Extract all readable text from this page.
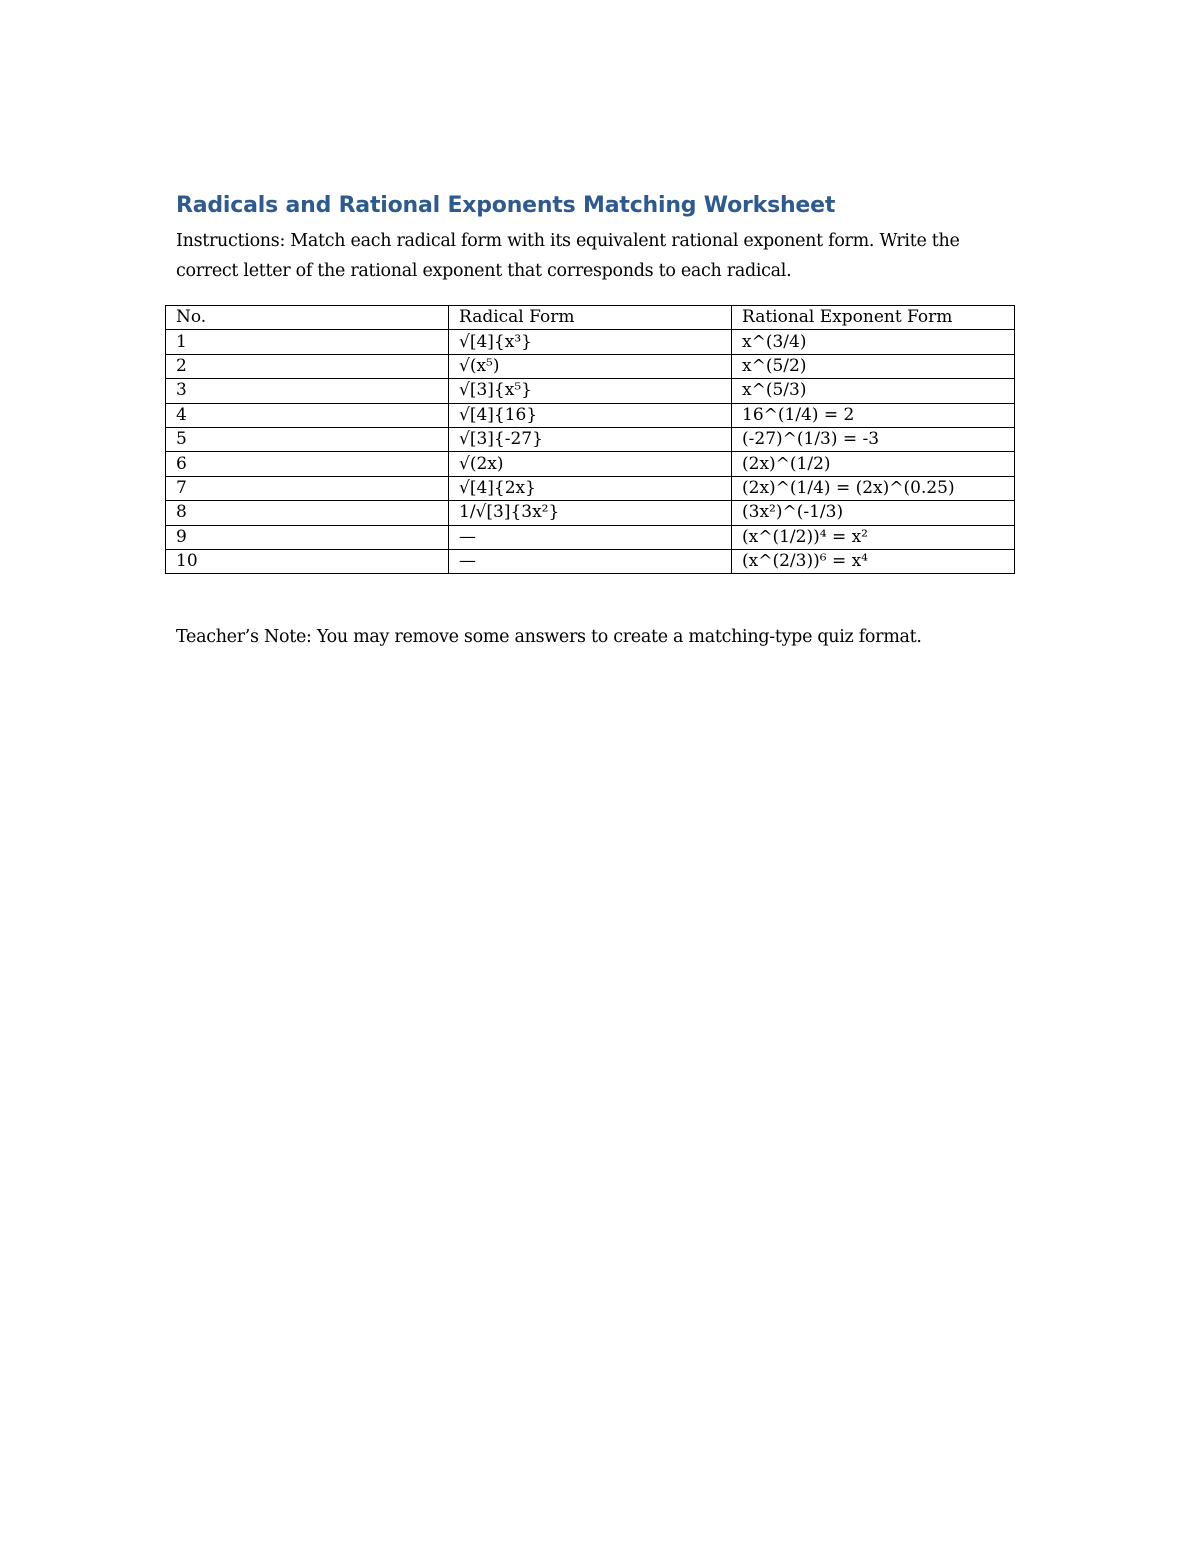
Radicals and Rational Exponents Matching Worksheet

Instructions: Match each radical form with its equivalent rational exponent form. Write the correct letter of the rational exponent that corresponds to each radical.

No.	Radical Form	Rational Exponent Form
1	√[4]{x³}	x^(3/4)
2	√(x⁵)	x^(5/2)
3	√[3]{x⁵}	x^(5/3)
4	√[4]{16}	16^(1/4) = 2
5	√[3]{-27}	(-27)^(1/3) = -3
6	√(2x)	(2x)^(1/2)
7	√[4]{2x}	(2x)^(1/4) = (2x)^(0.25)
8	1/√[3]{3x²}	(3x²)^(-1/3)
9	—	(x^(1/2))⁴ = x²
10	—	(x^(2/3))⁶ = x⁴

Teacher’s Note: You may remove some answers to create a matching-type quiz format.
